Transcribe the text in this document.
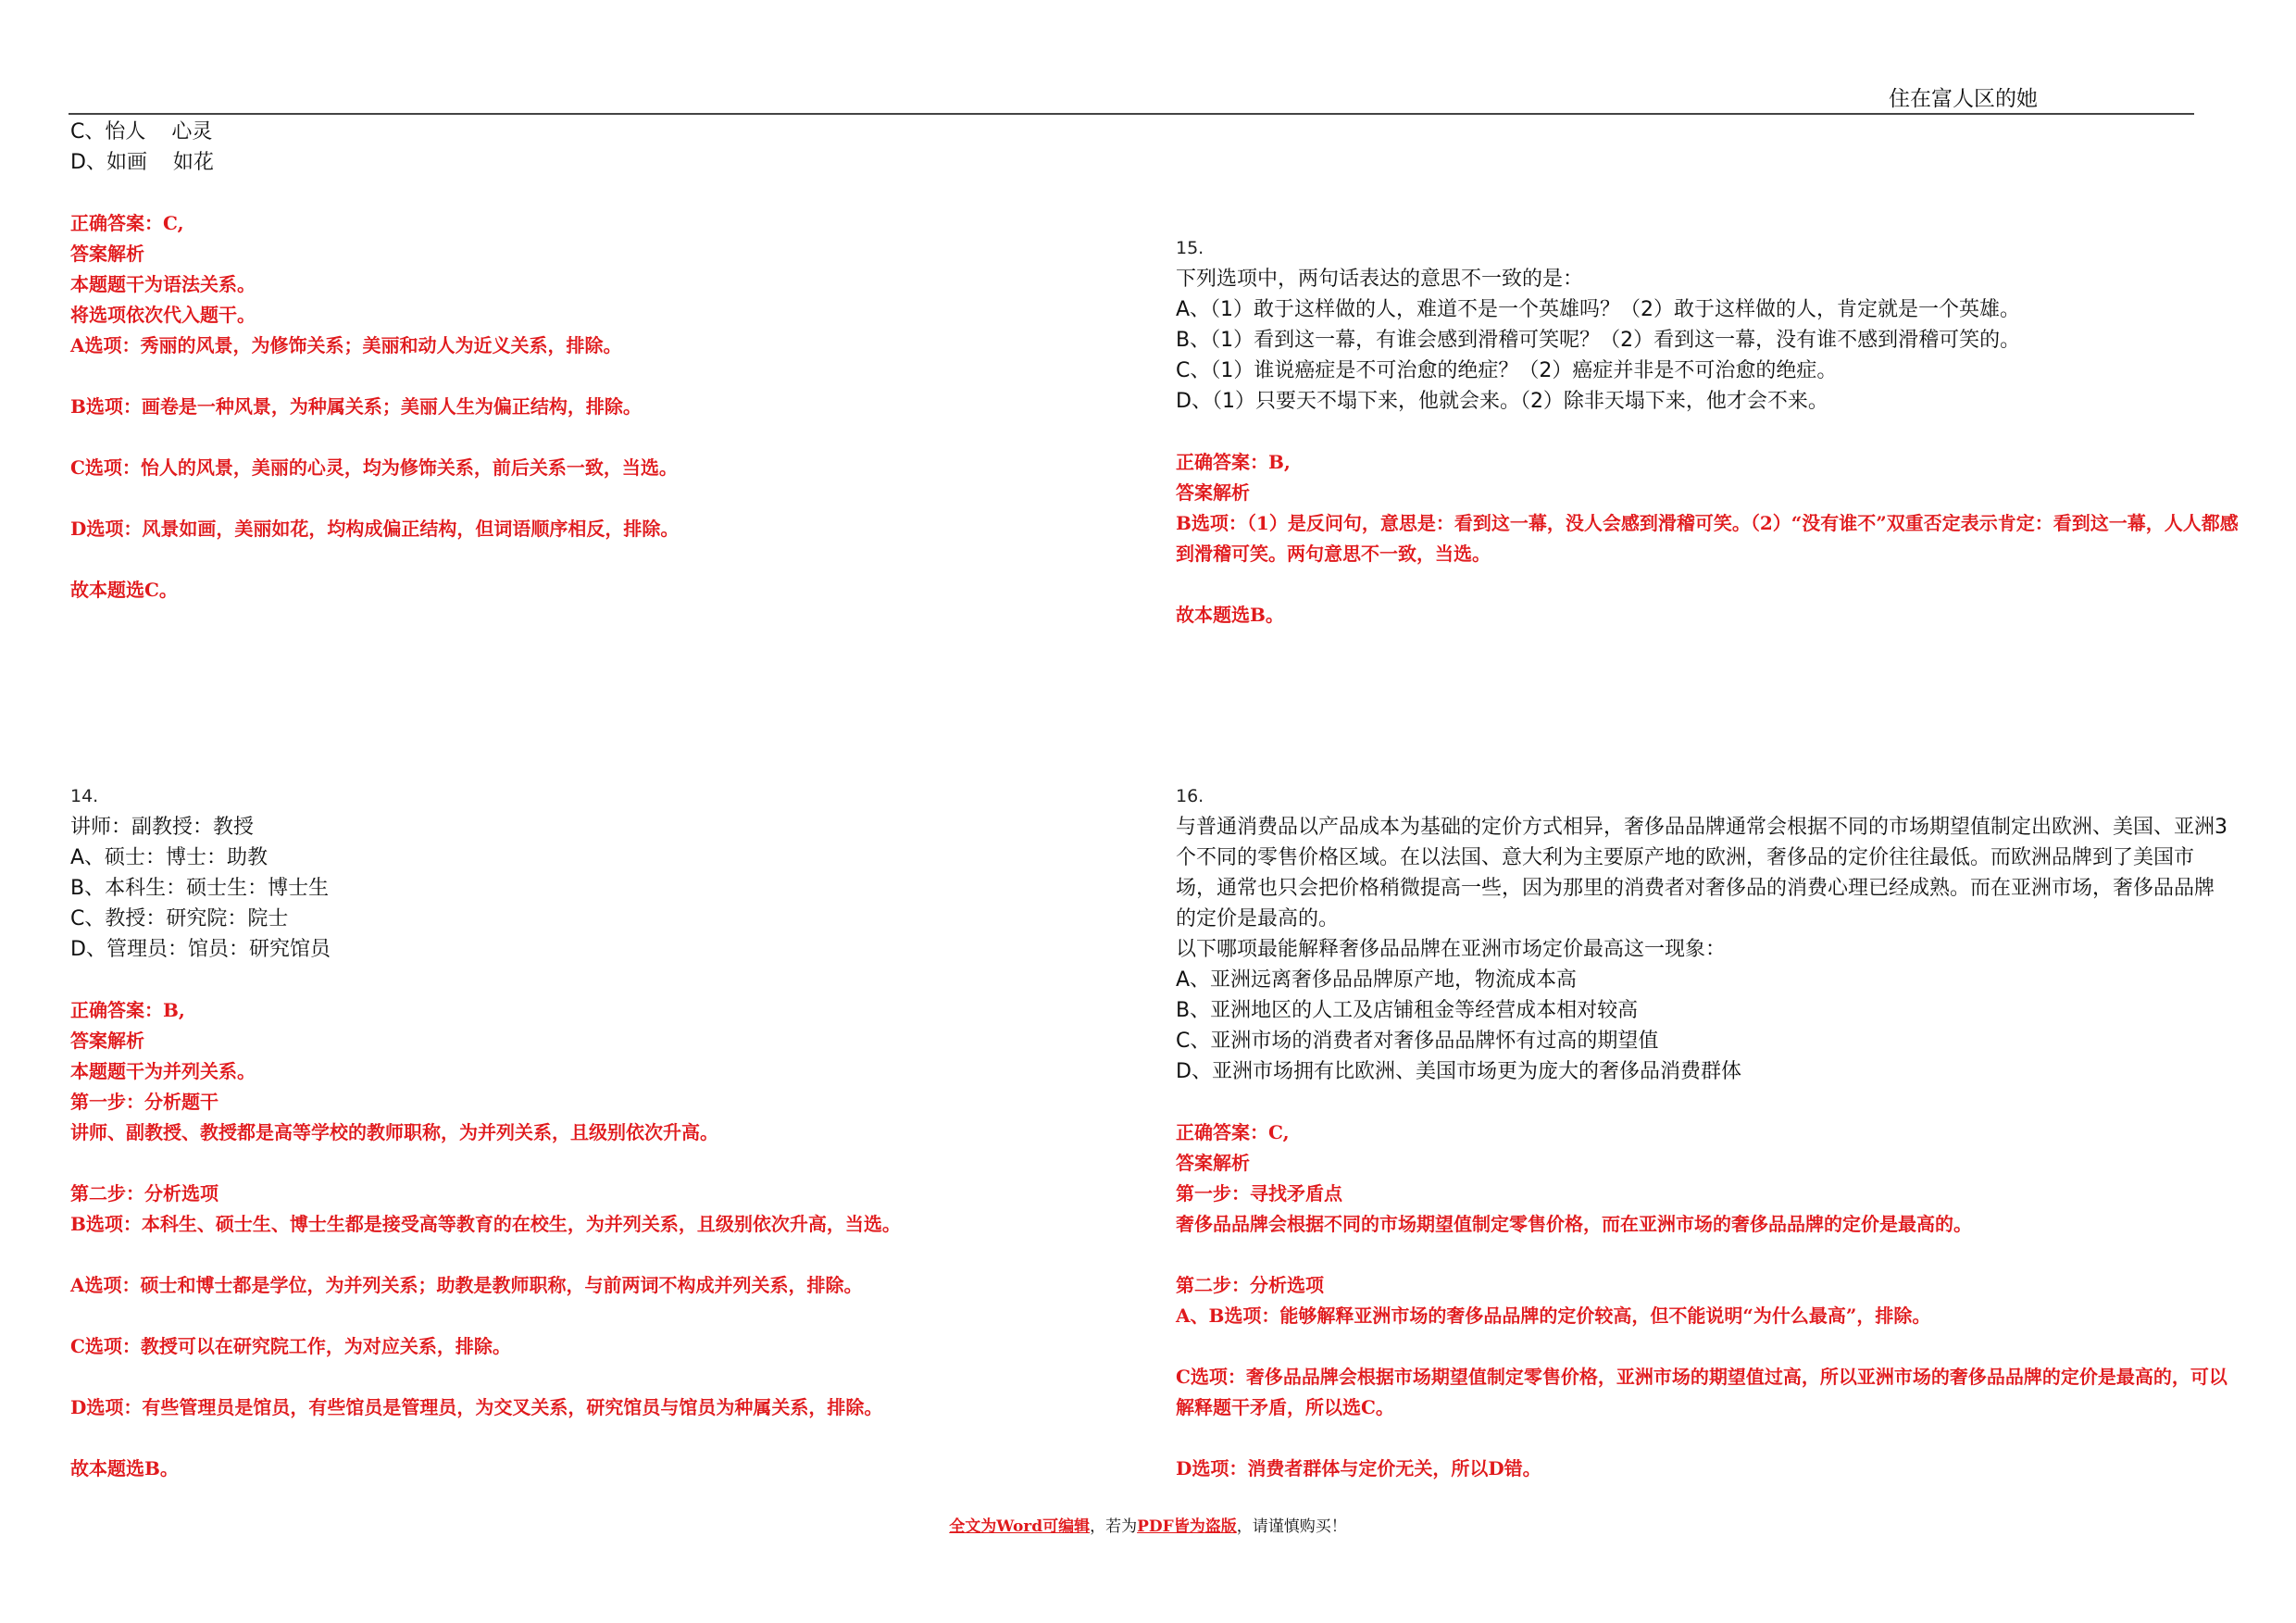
住在富人区的她
C、怡人    心灵
D、如画    如花
正确答案：C,
答案解析
本题题干为语法关系。
将选项依次代入题干。
A选项：秀丽的风景，为修饰关系；美丽和动人为近义关系，排除。
B选项：画卷是一种风景，为种属关系；美丽人生为偏正结构，排除。
C选项：怡人的风景，美丽的心灵，均为修饰关系，前后关系一致，当选。
D选项：风景如画，美丽如花，均构成偏正结构，但词语顺序相反，排除。
故本题选C。
15.
下列选项中，两句话表达的意思不一致的是：
A、（1）敢于这样做的人，难道不是一个英雄吗？（2）敢于这样做的人，肯定就是一个英雄。
B、（1）看到这一幕，有谁会感到滑稽可笑呢？（2）看到这一幕，没有谁不感到滑稽可笑的。
C、（1）谁说癌症是不可治愈的绝症？（2）癌症并非是不可治愈的绝症。
D、（1）只要天不塌下来，他就会来。（2）除非天塌下来，他才会不来。
正确答案：B,
答案解析
B选项：（1）是反问句，意思是：看到这一幕，没人会感到滑稽可笑。（2）“没有谁不”双重否定表示肯定：看到这一幕，人人都感到滑稽可笑。两句意思不一致，当选。
故本题选B。
14.
讲师：副教授：教授
A、硕士：博士：助教
B、本科生：硕士生：博士生
C、教授：研究院：院士
D、管理员：馆员：研究馆员
正确答案：B,
答案解析
本题题干为并列关系。
第一步：分析题干
讲师、副教授、教授都是高等学校的教师职称，为并列关系，且级别依次升高。
第二步：分析选项
B选项：本科生、硕士生、博士生都是接受高等教育的在校生，为并列关系，且级别依次升高，当选。
A选项：硕士和博士都是学位，为并列关系；助教是教师职称，与前两词不构成并列关系，排除。
C选项：教授可以在研究院工作，为对应关系，排除。
D选项：有些管理员是馆员，有些馆员是管理员，为交叉关系，研究馆员与馆员为种属关系，排除。
故本题选B。
16.
与普通消费品以产品成本为基础的定价方式相异，奢侈品品牌通常会根据不同的市场期望值制定出欧洲、美国、亚洲3个不同的零售价格区域。在以法国、意大利为主要原产地的欧洲，奢侈品的定价往往最低。而欧洲品牌到了美国市场，通常也只会把价格稍微提高一些，因为那里的消费者对奢侈品的消费心理已经成熟。而在亚洲市场，奢侈品品牌的定价是最高的。
以下哪项最能解释奢侈品品牌在亚洲市场定价最高这一现象：
A、亚洲远离奢侈品品牌原产地，物流成本高
B、亚洲地区的人工及店铺租金等经营成本相对较高
C、亚洲市场的消费者对奢侈品品牌怀有过高的期望值
D、亚洲市场拥有比欧洲、美国市场更为庞大的奢侈品消费群体
正确答案：C,
答案解析
第一步：寻找矛盾点
奢侈品品牌会根据不同的市场期望值制定零售价格，而在亚洲市场的奢侈品品牌的定价是最高的。
第二步：分析选项
A、B选项：能够解释亚洲市场的奢侈品品牌的定价较高，但不能说明“为什么最高”，排除。
C选项：奢侈品品牌会根据市场期望值制定零售价格，亚洲市场的期望值过高，所以亚洲市场的奢侈品品牌的定价是最高的，可以解释题干矛盾，所以选C。
D选项：消费者群体与定价无关，所以D错。
全文为Word可编辑，若为PDF皆为盗版，请谨慎购买！
